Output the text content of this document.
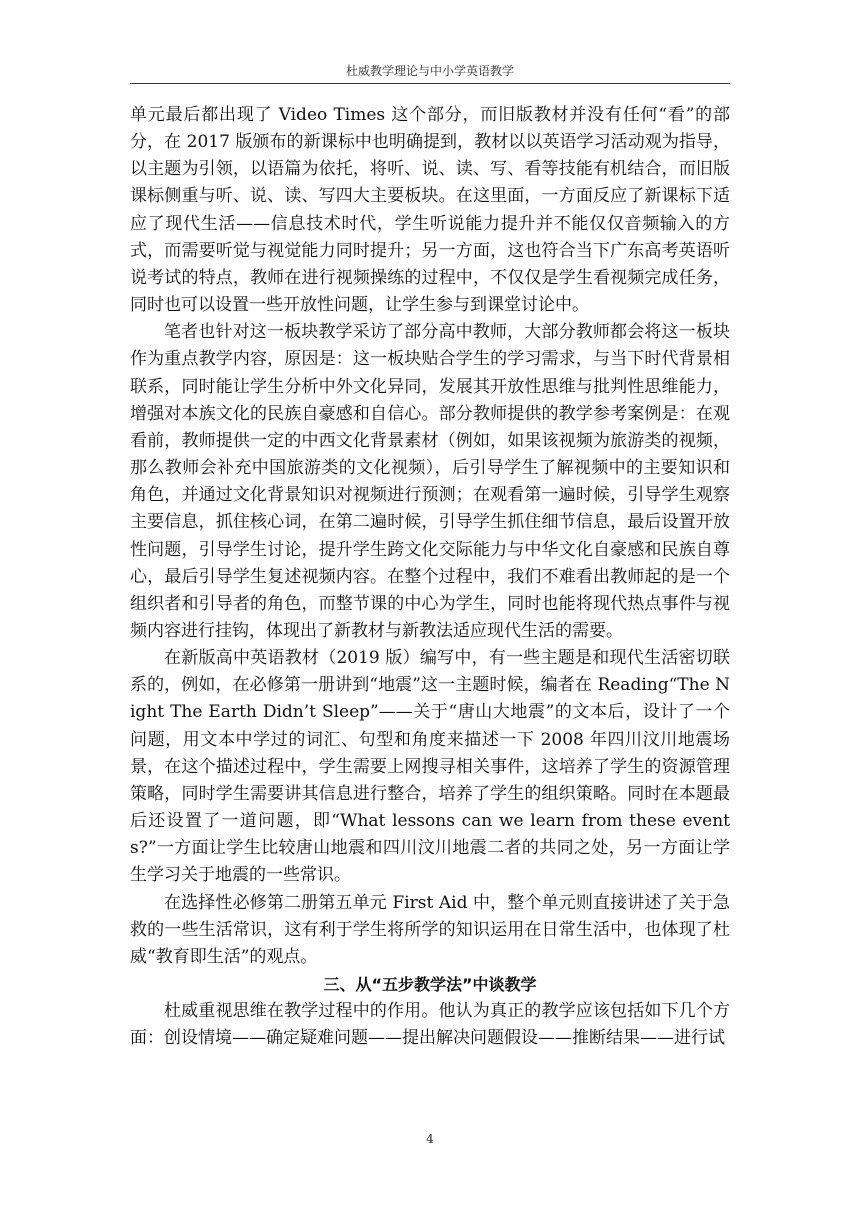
杜威教学理论与中小学英语教学

单元最后都出现了 Video Times 这个部分，而旧版教材并没有任何“看”的部分，在 2017 版颁布的新课标中也明确提到，教材以以英语学习活动观为指导，以主题为引领，以语篇为依托，将听、说、读、写、看等技能有机结合，而旧版课标侧重与听、说、读、写四大主要板块。在这里面，一方面反应了新课标下适应了现代生活——信息技术时代，学生听说能力提升并不能仅仅音频输入的方式，而需要听觉与视觉能力同时提升；另一方面，这也符合当下广东高考英语听说考试的特点，教师在进行视频操练的过程中，不仅仅是学生看视频完成任务，同时也可以设置一些开放性问题，让学生参与到课堂讨论中。

笔者也针对这一板块教学采访了部分高中教师，大部分教师都会将这一板块作为重点教学内容，原因是：这一板块贴合学生的学习需求，与当下时代背景相联系，同时能让学生分析中外文化异同，发展其开放性思维与批判性思维能力，增强对本族文化的民族自豪感和自信心。部分教师提供的教学参考案例是：在观看前，教师提供一定的中西文化背景素材（例如，如果该视频为旅游类的视频，那么教师会补充中国旅游类的文化视频），后引导学生了解视频中的主要知识和角色，并通过文化背景知识对视频进行预测；在观看第一遍时候，引导学生观察主要信息，抓住核心词，在第二遍时候，引导学生抓住细节信息，最后设置开放性问题，引导学生讨论，提升学生跨文化交际能力与中华文化自豪感和民族自尊心，最后引导学生复述视频内容。在整个过程中，我们不难看出教师起的是一个组织者和引导者的角色，而整节课的中心为学生，同时也能将现代热点事件与视频内容进行挂钩，体现出了新教材与新教法适应现代生活的需要。

在新版高中英语教材（2019 版）编写中，有一些主题是和现代生活密切联系的，例如，在必修第一册讲到“地震”这一主题时候，编者在 Reading“The Night The Earth Didn’t Sleep”——关于“唐山大地震”的文本后，设计了一个问题，用文本中学过的词汇、句型和角度来描述一下 2008 年四川汶川地震场景，在这个描述过程中，学生需要上网搜寻相关事件，这培养了学生的资源管理策略，同时学生需要讲其信息进行整合，培养了学生的组织策略。同时在本题最后还设置了一道问题，即“What lessons can we learn from these events?”一方面让学生比较唐山地震和四川汶川地震二者的共同之处，另一方面让学生学习关于地震的一些常识。

在选择性必修第二册第五单元 First Aid 中，整个单元则直接讲述了关于急救的一些生活常识，这有利于学生将所学的知识运用在日常生活中，也体现了杜威“教育即生活”的观点。

三、从“五步教学法”中谈教学

杜威重视思维在教学过程中的作用。他认为真正的教学应该包括如下几个方面：创设情境——确定疑难问题——提出解决问题假设——推断结果——进行试

4
